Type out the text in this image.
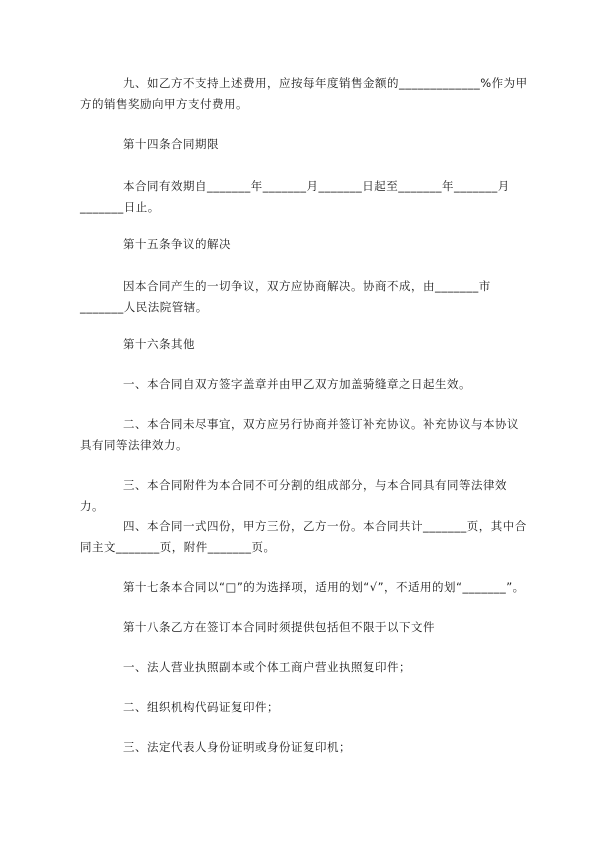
九、如乙方不支持上述费用，应按每年度销售金额的_____________%作为甲方的销售奖励向甲方支付费用。

第十四条合同期限

本合同有效期自_______年_______月_______日起至_______年_______月_______日止。

第十五条争议的解决

因本合同产生的一切争议，双方应协商解决。协商不成，由_______市_______人民法院管辖。

第十六条其他

一、本合同自双方签字盖章并由甲乙双方加盖骑缝章之日起生效。

二、本合同未尽事宜，双方应另行协商并签订补充协议。补充协议与本协议具有同等法律效力。

三、本合同附件为本合同不可分割的组成部分，与本合同具有同等法律效力。

四、本合同一式四份，甲方三份，乙方一份。本合同共计_______页，其中合同主文_______页，附件_______页。

第十七条本合同以“□”的为选择项，适用的划“√”，不适用的划“_______”。

第十八条乙方在签订本合同时须提供包括但不限于以下文件

一、法人营业执照副本或个体工商户营业执照复印件；

二、组织机构代码证复印件；

三、法定代表人身份证明或身份证复印机；
